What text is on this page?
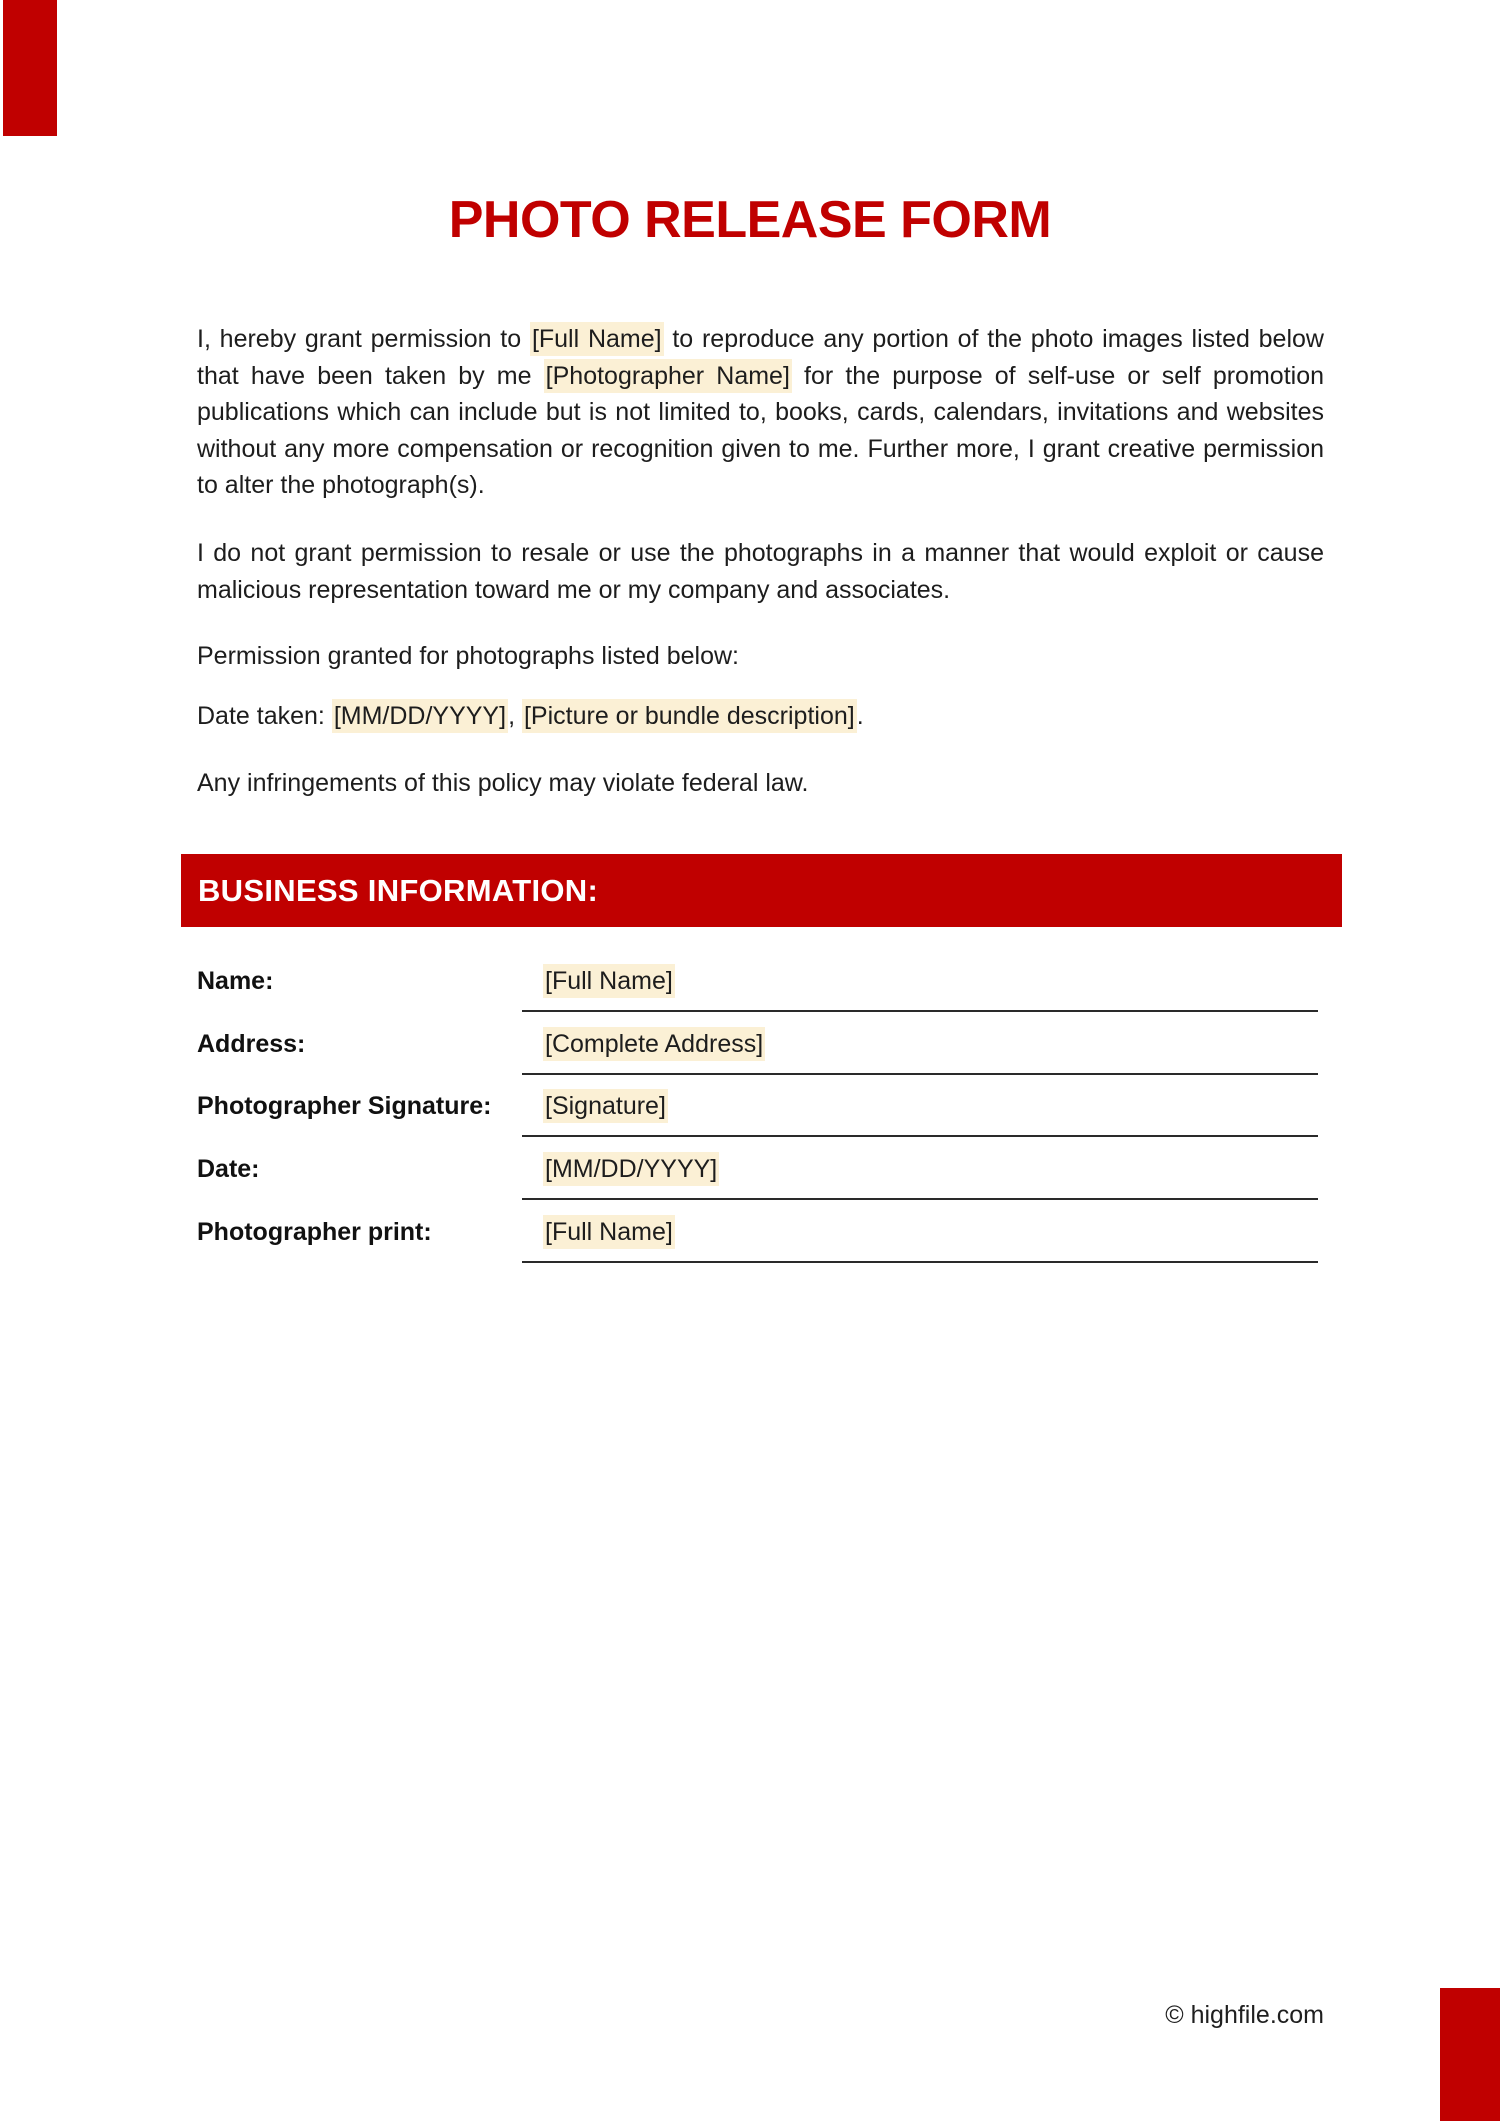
PHOTO RELEASE FORM

I, hereby grant permission to [Full Name] to reproduce any portion of the photo images listed below that have been taken by me [Photographer Name] for the purpose of self-use or self promotion publications which can include but is not limited to, books, cards, calendars, invitations and websites without any more compensation or recognition given to me. Further more, I grant creative permission to alter the photograph(s).

I do not grant permission to resale or use the photographs in a manner that would exploit or cause malicious representation toward me or my company and associates.

Permission granted for photographs listed below:

Date taken: [MM/DD/YYYY], [Picture or bundle description].

Any infringements of this policy may violate federal law.

BUSINESS INFORMATION:

Name:	[Full Name]

Address:	[Complete Address]

Photographer Signature: [Signature]

Date:	[MM/DD/YYYY]

Photographer print:	[Full Name]

© highfile.com
